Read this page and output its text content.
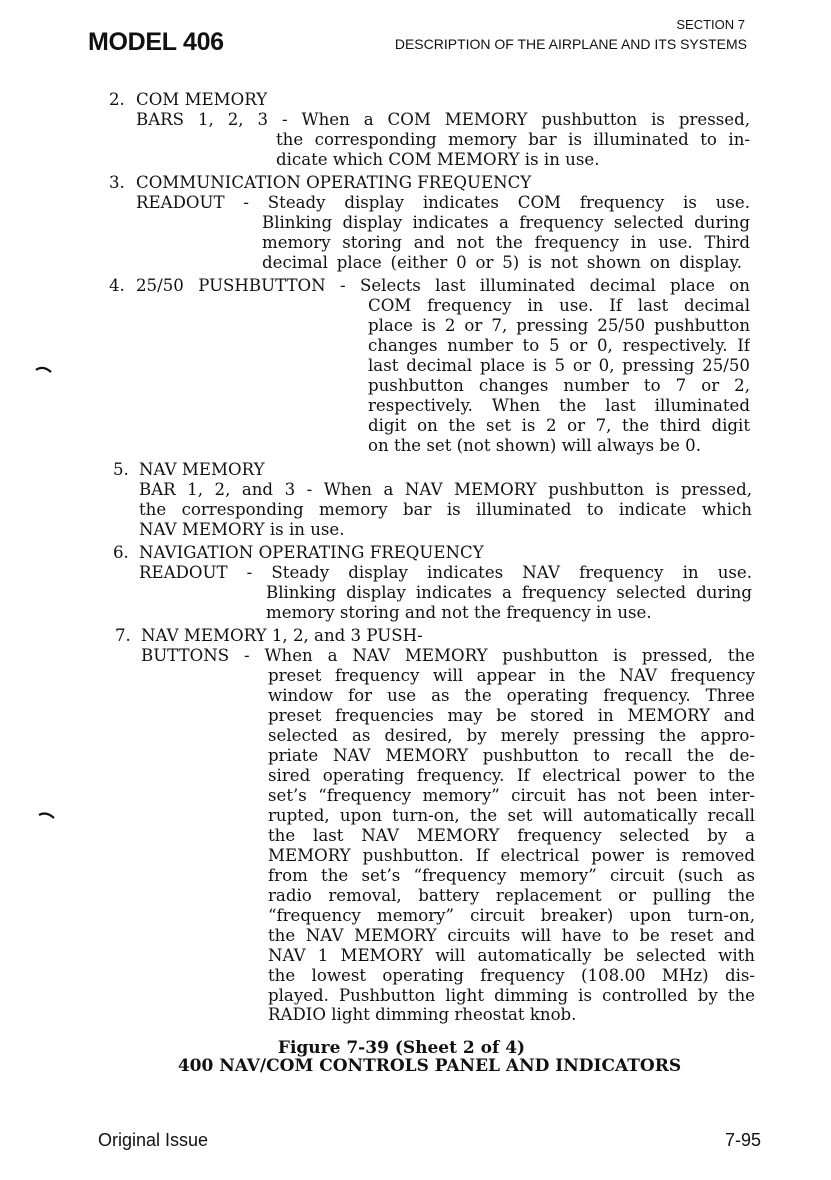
MODEL 406
SECTION 7
DESCRIPTION OF THE AIRPLANE AND ITS SYSTEMS
2. COM MEMORY
BARS 1, 2, 3 - When a COM MEMORY pushbutton is pressed,
the corresponding memory bar is illuminated to in-
dicate which COM MEMORY is in use.
3. COMMUNICATION OPERATING FREQUENCY
READOUT - Steady display indicates COM frequency is use.
Blinking display indicates a frequency selected during
memory storing and not the frequency in use. Third
decimal place (either 0 or 5) is not shown on display.
4. 25/50 PUSHBUTTON - Selects last illuminated decimal place on
COM frequency in use. If last decimal
place is 2 or 7, pressing 25/50 pushbutton
changes number to 5 or 0, respectively. If
last decimal place is 5 or 0, pressing 25/50
pushbutton changes number to 7 or 2,
respectively. When the last illuminated
digit on the set is 2 or 7, the third digit
on the set (not shown) will always be 0.
5. NAV MEMORY
BAR 1, 2, and 3 - When a NAV MEMORY pushbutton is pressed,
the corresponding memory bar is illuminated to indicate which
NAV MEMORY is in use.
6. NAVIGATION OPERATING FREQUENCY
READOUT - Steady display indicates NAV frequency in use.
Blinking display indicates a frequency selected during
memory storing and not the frequency in use.
7. NAV MEMORY 1, 2, and 3 PUSH-
BUTTONS - When a NAV MEMORY pushbutton is pressed, the
preset frequency will appear in the NAV frequency
window for use as the operating frequency. Three
preset frequencies may be stored in MEMORY and
selected as desired, by merely pressing the appro-
priate NAV MEMORY pushbutton to recall the de-
sired operating frequency. If electrical power to the
set’s “frequency memory” circuit has not been inter-
rupted, upon turn-on, the set will automatically recall
the last NAV MEMORY frequency selected by a
MEMORY pushbutton. If electrical power is removed
from the set’s “frequency memory” circuit (such as
radio removal, battery replacement or pulling the
“frequency memory” circuit breaker) upon turn-on,
the NAV MEMORY circuits will have to be reset and
NAV 1 MEMORY will automatically be selected with
the lowest operating frequency (108.00 MHz) dis-
played. Pushbutton light dimming is controlled by the
RADIO light dimming rheostat knob.
Figure 7-39 (Sheet 2 of 4)
400 NAV/COM CONTROLS PANEL AND INDICATORS
Original Issue	7-95
